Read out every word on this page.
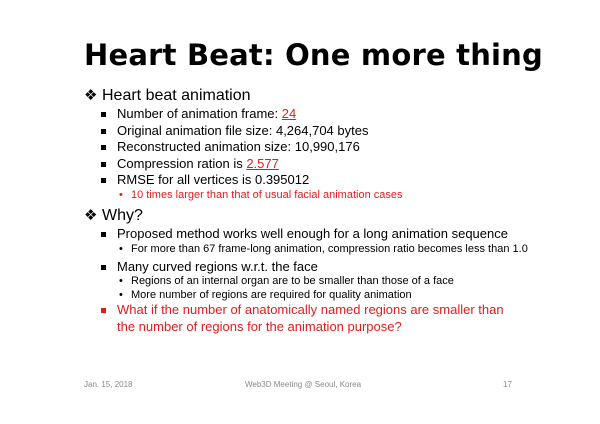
Heart Beat: One more thing
❖ Heart beat animation
Number of animation frame: 24
Original animation file size: 4,264,704 bytes
Reconstructed animation size: 10,990,176
Compression ration is 2.577
RMSE for all vertices is 0.395012
• 10 times larger than that of usual facial animation cases
❖ Why?
Proposed method works well enough for a long animation sequence
• For more than 67 frame-long animation, compression ratio becomes less than 1.0
Many curved regions w.r.t. the face
• Regions of an internal organ are to be smaller than those of a face
• More number of regions are required for quality animation
What if the number of anatomically named regions are smaller than the number of regions for the animation purpose?
Jan. 15, 2018	Web3D Meeting @ Seoul, Korea	17
